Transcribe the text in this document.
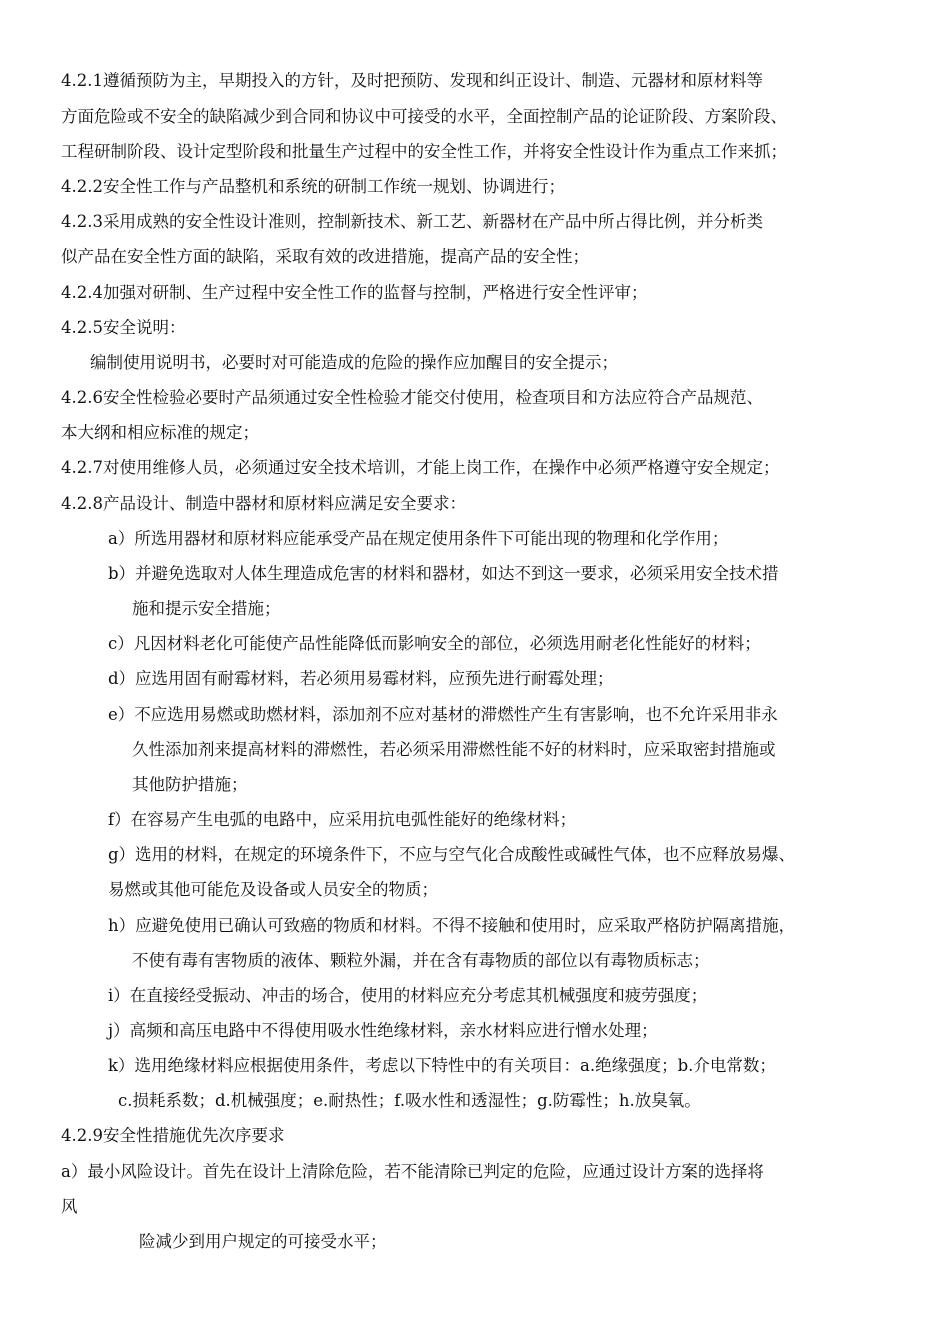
4.2.1遵循预防为主，早期投入的方针，及时把预防、发现和纠正设计、制造、元器材和原材料等
方面危险或不安全的缺陷减少到合同和协议中可接受的水平，全面控制产品的论证阶段、方案阶段、
工程研制阶段、设计定型阶段和批量生产过程中的安全性工作，并将安全性设计作为重点工作来抓；
4.2.2安全性工作与产品整机和系统的研制工作统一规划、协调进行；
4.2.3采用成熟的安全性设计准则，控制新技术、新工艺、新器材在产品中所占得比例，并分析类
似产品在安全性方面的缺陷，采取有效的改进措施，提高产品的安全性；
4.2.4加强对研制、生产过程中安全性工作的监督与控制，严格进行安全性评审；
4.2.5安全说明：
编制使用说明书，必要时对可能造成的危险的操作应加醒目的安全提示；
4.2.6安全性检验必要时产品须通过安全性检验才能交付使用，检查项目和方法应符合产品规范、
本大纲和相应标准的规定；
4.2.7对使用维修人员，必须通过安全技术培训，才能上岗工作，在操作中必须严格遵守安全规定；
4.2.8产品设计、制造中器材和原材料应满足安全要求：
a）所选用器材和原材料应能承受产品在规定使用条件下可能出现的物理和化学作用；
b）并避免选取对人体生理造成危害的材料和器材，如达不到这一要求，必须采用安全技术措
施和提示安全措施；
c）凡因材料老化可能使产品性能降低而影响安全的部位，必须选用耐老化性能好的材料；
d）应选用固有耐霉材料，若必须用易霉材料，应预先进行耐霉处理；
e）不应选用易燃或助燃材料，添加剂不应对基材的滞燃性产生有害影响，也不允许采用非永
久性添加剂来提高材料的滞燃性，若必须采用滞燃性能不好的材料时，应采取密封措施或
其他防护措施；
f）在容易产生电弧的电路中，应采用抗电弧性能好的绝缘材料；
g）选用的材料，在规定的环境条件下，不应与空气化合成酸性或碱性气体，也不应释放易爆、
易燃或其他可能危及设备或人员安全的物质；
h）应避免使用已确认可致癌的物质和材料。不得不接触和使用时，应采取严格防护隔离措施，
不使有毒有害物质的液体、颗粒外漏，并在含有毒物质的部位以有毒物质标志；
i）在直接经受振动、冲击的场合，使用的材料应充分考虑其机械强度和疲劳强度；
j）高频和高压电路中不得使用吸水性绝缘材料，亲水材料应进行憎水处理；
k）选用绝缘材料应根据使用条件，考虑以下特性中的有关项目：a.绝缘强度；b.介电常数；
c.损耗系数；d.机械强度；e.耐热性；f.吸水性和透湿性；g.防霉性；h.放臭氧。
4.2.9安全性措施优先次序要求
a）最小风险设计。首先在设计上清除危险，若不能清除已判定的危险，应通过设计方案的选择将
风
险减少到用户规定的可接受水平；
